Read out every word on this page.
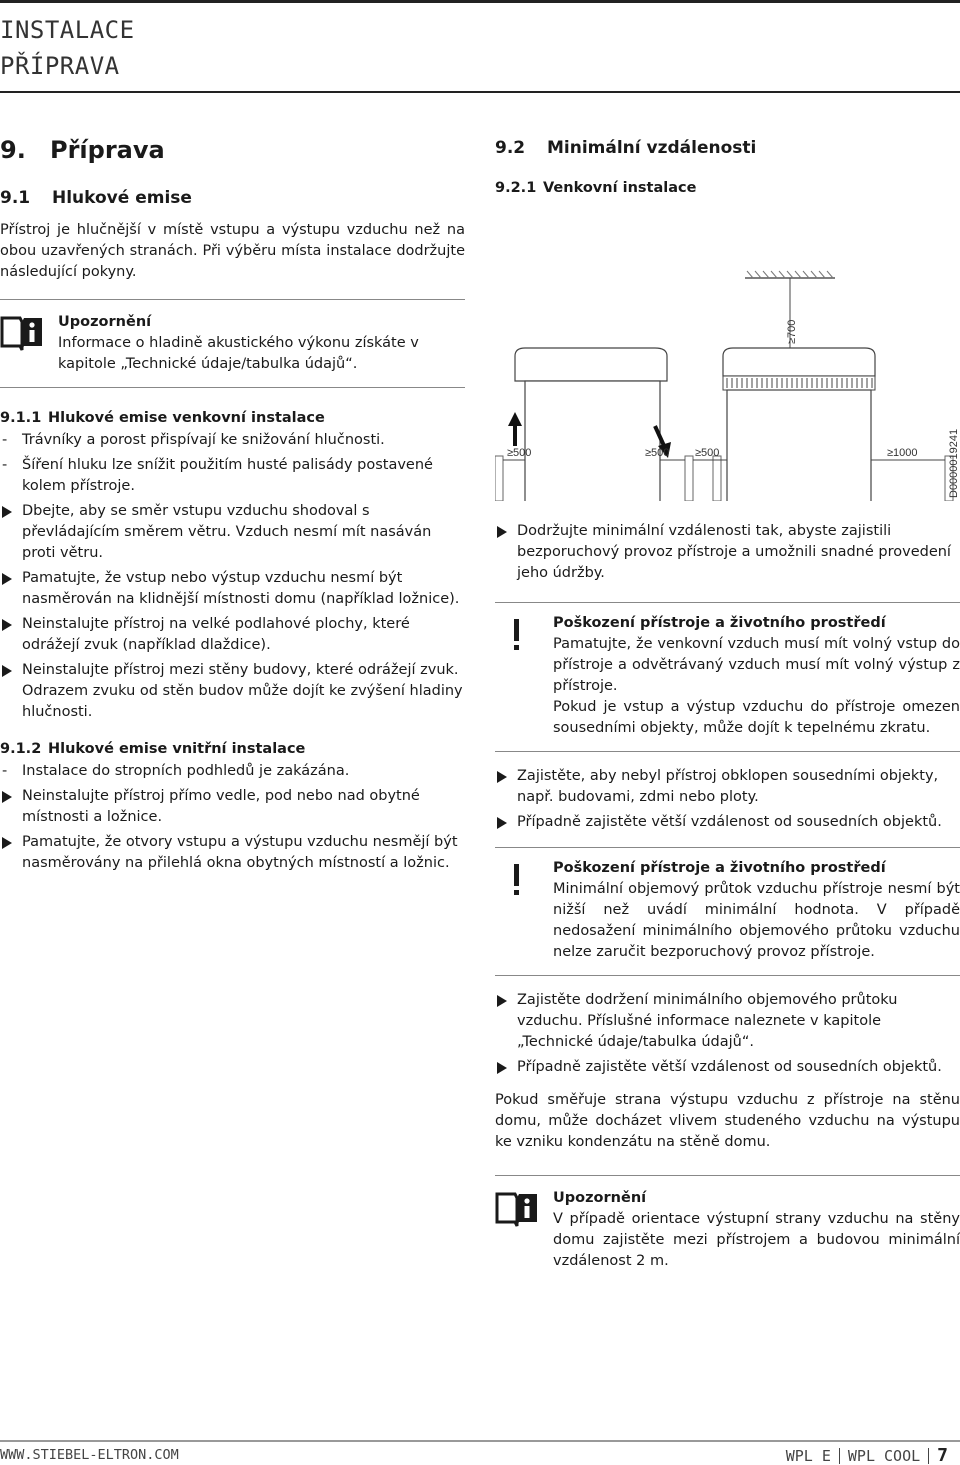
INSTALACE
PŘÍPRAVA
9. Příprava
9.1 Hlukové emise

Přístroj je hlučnější v místě vstupu a výstupu vzduchu než na obou uzavřených stranách. Při výběru místa instalace dodržujte následující pokyny.

Upozornění

Informace o hladině akustického výkonu získáte v kapitole „Technické údaje/tabulka údajů“.

9.1.1 Hlukové emise venkovní instalace
- Trávníky a porost přispívají ke snižování hlučnosti.
- Šíření hluku lze snížit použitím husté palisády postavené kolem přístroje.
Dbejte, aby se směr vstupu vzduchu shodoval s převládajícím směrem větru. Vzduch nesmí mít nasáván proti větru.
Pamatujte, že vstup nebo výstup vzduchu nesmí být nasměrován na klidnější místnosti domu (například ložnice).
Neinstalujte přístroj na velké podlahové plochy, které odrážejí zvuk (například dlaždice).
Neinstalujte přístroj mezi stěny budovy, které odrážejí zvuk. Odrazem zvuku od stěn budov může dojít ke zvýšení hladiny hlučnosti.
9.1.2 Hlukové emise vnitřní instalace
- Instalace do stropních podhledů je zakázána.
Neinstalujte přístroj přímo vedle, pod nebo nad obytné místnosti a ložnice.
Pamatujte, že otvory vstupu a výstupu vzduchu nesmějí být nasměrovány na přilehlá okna obytných místností a ložnic.
9.2 Minimální vzdálenosti
9.2.1 Venkovní instalace
≥700
≥500	≥500 ≥500	≥1000	D0000019241
Dodržujte minimální vzdálenosti tak, abyste zajistili bezporuchový provoz přístroje a umožnili snadné provedení jeho údržby.
Poškození přístroje a životního prostředí

Pamatujte, že venkovní vzduch musí mít volný vstup do přístroje a odvětrávaný vzduch musí mít volný výstup z přístroje.

Pokud je vstup a výstup vzduchu do přístroje omezen sousedními objekty, může dojít k tepelnému zkratu.

Zajistěte, aby nebyl přístroj obklopen sousedními objekty, např. budovami, zdmi nebo ploty.
Případně zajistěte větší vzdálenost od sousedních objektů.
Poškození přístroje a životního prostředí

Minimální objemový průtok vzduchu přístroje nesmí být nižší než uvádí minimální hodnota. V případě nedosažení minimálního objemového průtoku vzduchu nelze zaručit bezporuchový provoz přístroje.

Zajistěte dodržení minimálního objemového průtoku vzduchu. Příslušné informace naleznete v kapitole „Technické údaje/tabulka údajů“.
Případně zajistěte větší vzdálenost od sousedních objektů.

Pokud směřuje strana výstupu vzduchu z přístroje na stěnu domu, může docházet vlivem studeného vzduchu na výstupu ke vzniku kondenzátu na stěně domu.

Upozornění

V případě orientace výstupní strany vzduchu na stěny domu zajistěte mezi přístrojem a budovou minimální vzdálenost 2 m.

WWW.STIEBEL-ELTRON.COM	WPL E WPL COOL 7
